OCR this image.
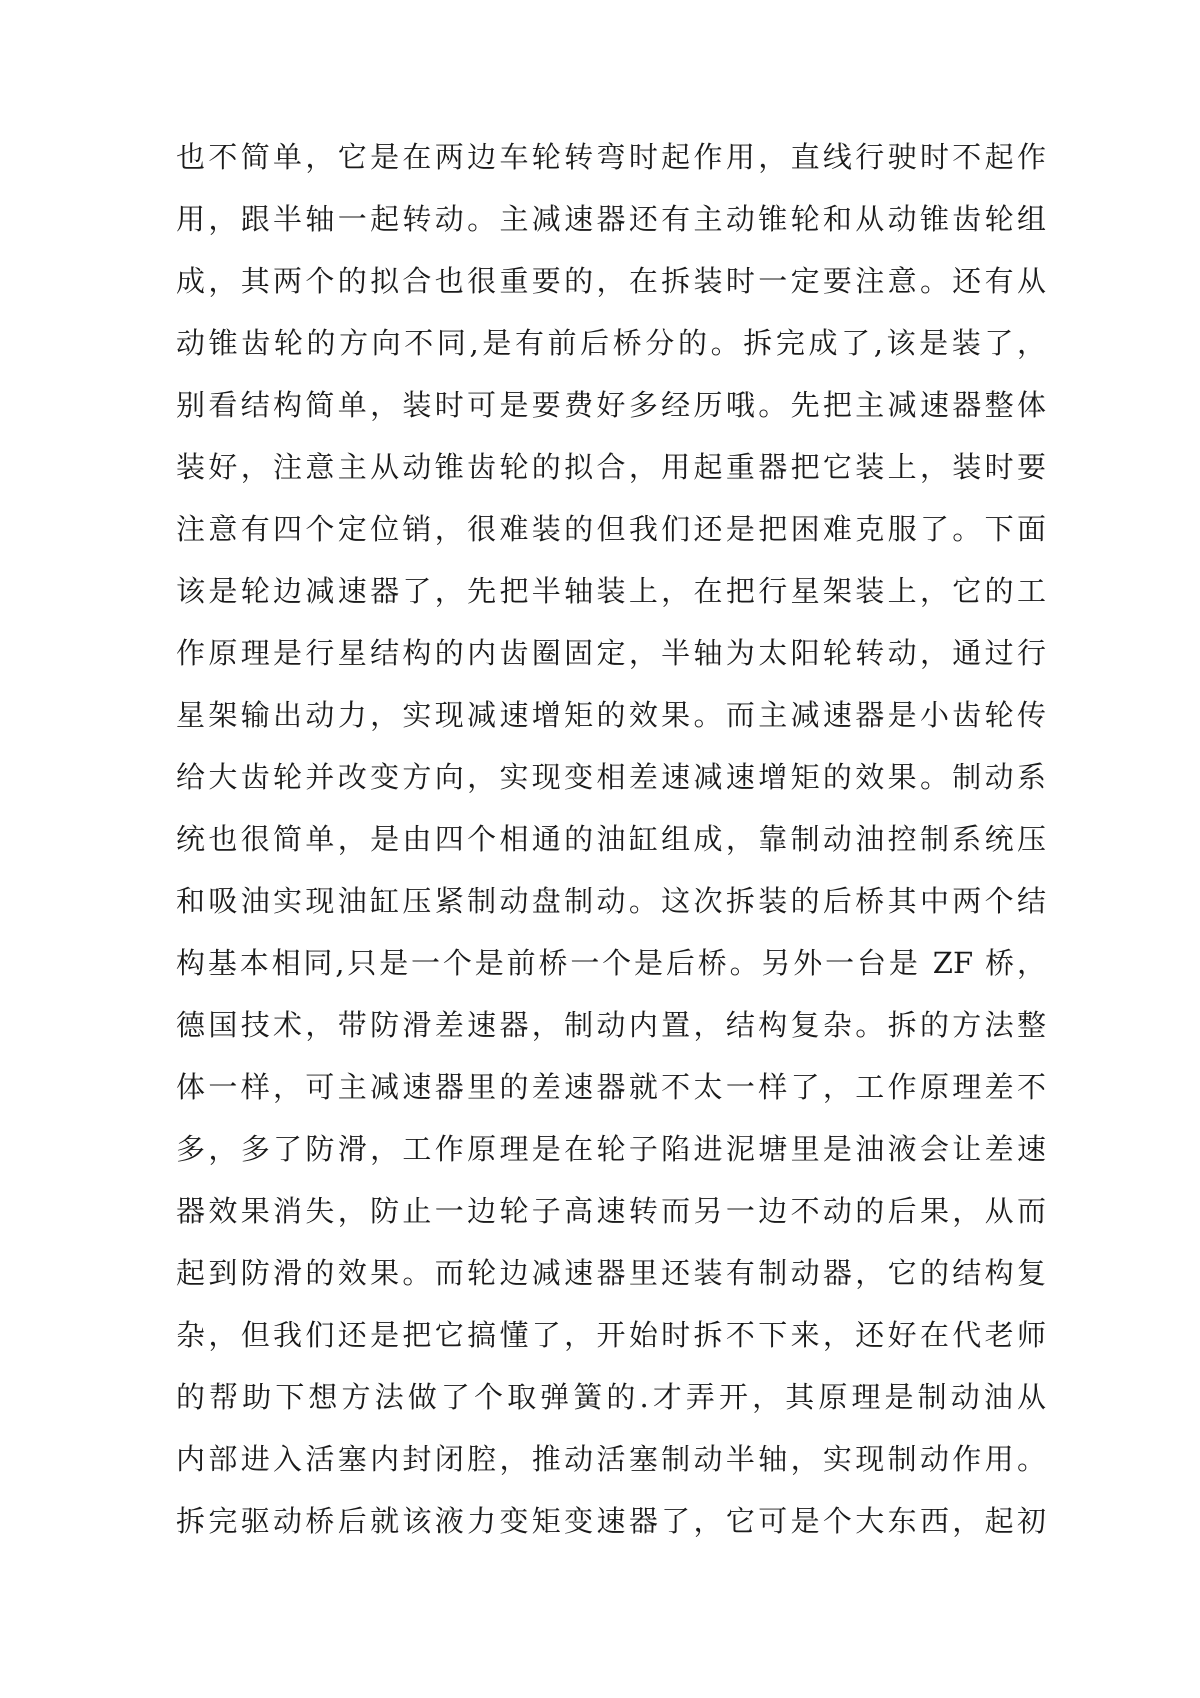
也不简单，它是在两边车轮转弯时起作用，直线行驶时不起作
用，跟半轴一起转动。主减速器还有主动锥轮和从动锥齿轮组
成，其两个的拟合也很重要的，在拆装时一定要注意。还有从
动锥齿轮的方向不同,是有前后桥分的。拆完成了,该是装了，
别看结构简单，装时可是要费好多经历哦。先把主减速器整体
装好，注意主从动锥齿轮的拟合，用起重器把它装上，装时要
注意有四个定位销，很难装的但我们还是把困难克服了。下面
该是轮边减速器了，先把半轴装上，在把行星架装上，它的工
作原理是行星结构的内齿圈固定，半轴为太阳轮转动，通过行
星架输出动力，实现减速增矩的效果。而主减速器是小齿轮传
给大齿轮并改变方向，实现变相差速减速增矩的效果。制动系
统也很简单，是由四个相通的油缸组成，靠制动油控制系统压
和吸油实现油缸压紧制动盘制动。这次拆装的后桥其中两个结
构基本相同,只是一个是前桥一个是后桥。另外一台是 ZF 桥，
德国技术，带防滑差速器，制动内置，结构复杂。拆的方法整
体一样，可主减速器里的差速器就不太一样了，工作原理差不
多，多了防滑，工作原理是在轮子陷进泥塘里是油液会让差速
器效果消失，防止一边轮子高速转而另一边不动的后果，从而
起到防滑的效果。而轮边减速器里还装有制动器，它的结构复
杂，但我们还是把它搞懂了，开始时拆不下来，还好在代老师
的帮助下想方法做了个取弹簧的.才弄开，其原理是制动油从
内部进入活塞内封闭腔，推动活塞制动半轴，实现制动作用。
拆完驱动桥后就该液力变矩变速器了，它可是个大东西，起初
